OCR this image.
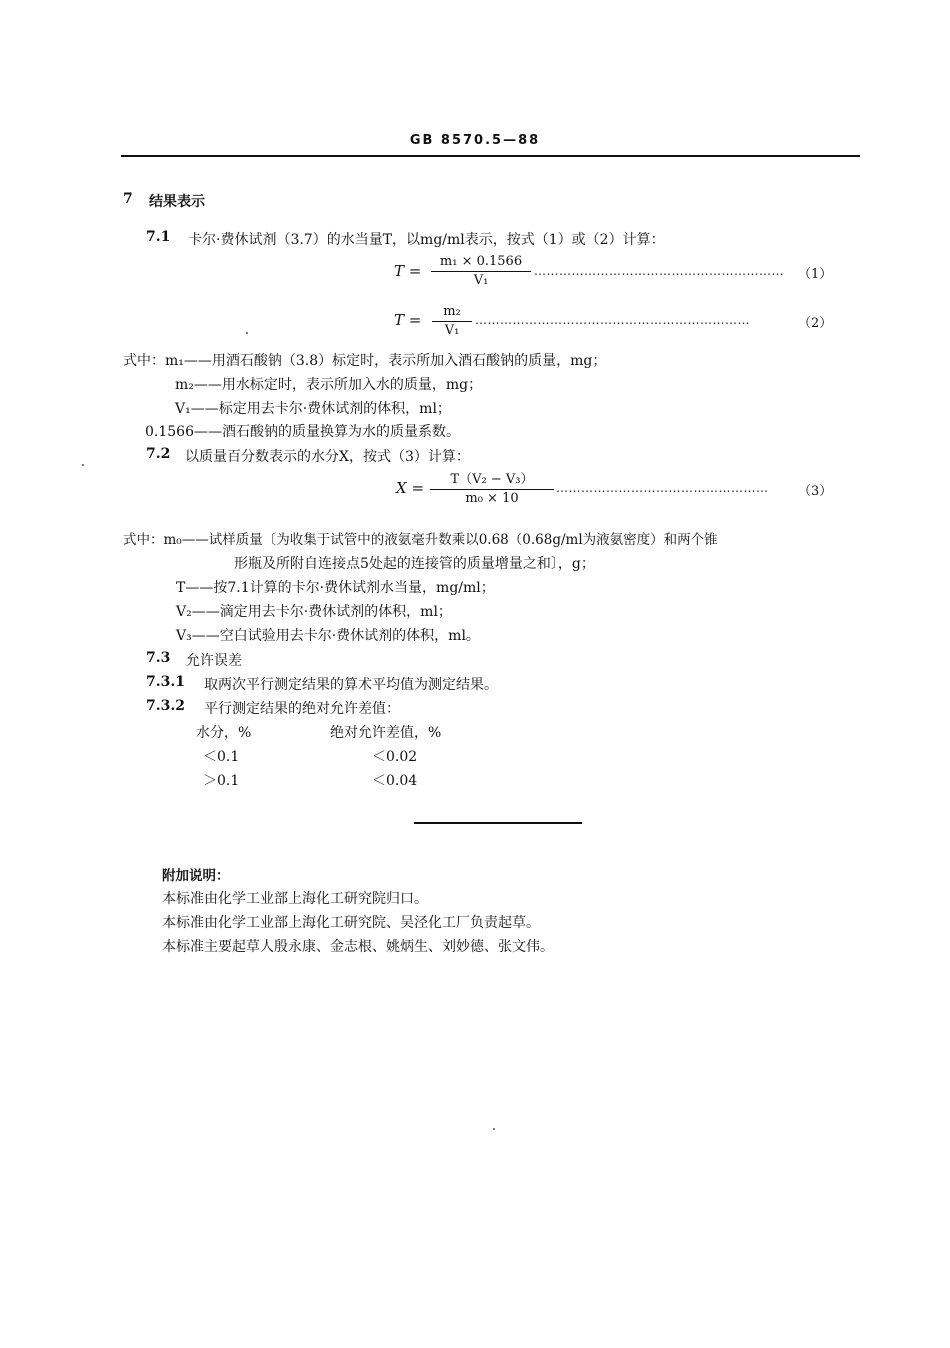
GB 8570.5—88
7 结果表示
7.1 卡尔·费休试剂（3.7）的水当量T，以mg/ml表示，按式（1）或（2）计算：
T =
m₁ × 0.1566
V₁
…………………………………………………… （1）
T =	m₂
V₁
…………………………………………………………	（2）
式中：m₁——用酒石酸钠（3.8）标定时，表示所加入酒石酸钠的质量，mg；
m₂——用水标定时，表示所加入水的质量，mg；
V₁——标定用去卡尔·费休试剂的体积，ml；
0.1566——酒石酸钠的质量换算为水的质量系数。
7.2 以质量百分数表示的水分X，按式（3）计算：
X =	T（V₂ − V₃）
m₀ × 10
…………………………………………… （3）
式中：m₀——试样质量〔为收集于试管中的液氨毫升数乘以0.68（0.68g/ml为液氨密度）和两个锥
形瓶及所附自连接点5处起的连接管的质量增量之和〕，g；
T——按7.1计算的卡尔·费休试剂水当量，mg/ml；
V₂——滴定用去卡尔·费休试剂的体积，ml；
V₃——空白试验用去卡尔·费休试剂的体积，ml。
7.3 允许误差
7.3.1 取两次平行测定结果的算术平均值为测定结果。
7.3.2 平行测定结果的绝对允许差值：
水分，%	绝对允许差值，%
＜0.1	＜0.02
＞0.1	＜0.04
附加说明：
本标准由化学工业部上海化工研究院归口。
本标准由化学工业部上海化工研究院、吴泾化工厂负责起草。
本标准主要起草人殷永康、金志根、姚炳生、刘妙德、张文伟。
